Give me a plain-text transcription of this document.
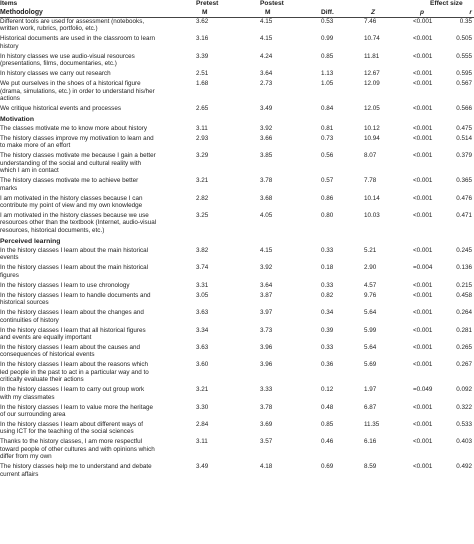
Items
Methodology
Pretest	Postest	Effect size
M	M	Diff.	Z	p	r
Different tools are used for assessment (notebooks, written work, rubrics, portfolio, etc.)
3.62	4.15	0.53	7.46	<0.001	0.35
Historical documents are used in the classroom to learn history
3.16	4.15	0.99	10.74	<0.001	0.505
In history classes we use audio-visual resources (presentations, films, documentaries, etc.)
3.39	4.24	0.85	11.81	<0.001	0.555
In history classes we carry out research	2.51	3.64	1.13	12.67	<0.001	0.595
We put ourselves in the shoes of a historical figure (drama, simulations, etc.) in order to understand his/her actions
1.68	2.73	1.05	12.09	<0.001	0.567
We critique historical events and processes	2.65	3.49	0.84	12.05	<0.001	0.566
Motivation
The classes motivate me to know more about history	3.11	3.92	0.81	10.12	<0.001	0.475
The history classes improve my motivation to learn and to make more of an effort
2.93	3.66	0.73	10.94	<0.001	0.514
The history classes motivate me because I gain a better understanding of the social and cultural reality with which I am in contact
3.29	3.85	0.56	8.07	<0.001	0.379
The history classes motivate me to achieve better marks
3.21	3.78	0.57	7.78	<0.001	0.365
I am motivated in the history classes because I can contribute my point of view and my own knowledge
2.82	3.68	0.86	10.14	<0.001	0.476
I am motivated in the history classes because we use resources other than the textbook (Internet, audio-visual resources, historical documents, etc.)
3.25	4.05	0.80	10.03	<0.001	0.471
Perceived learning
In the history classes I learn about the main historical events
3.82	4.15	0.33	5.21	<0.001	0.245
In the history classes I learn about the main historical figures
3.74	3.92	0.18	2.90	=0.004	0.136
In the history classes I learn to use chronology	3.31	3.64	0.33	4.57	<0.001	0.215
In the history classes I learn to handle documents and historical sources
3.05	3.87	0.82	9.76	<0.001	0.458
In the history classes I learn about the changes and continuities of history
3.63	3.97	0.34	5.64	<0.001	0.264
In the history classes I learn that all historical figures and events are equally important
3.34	3.73	0.39	5.99	<0.001	0.281
In the history classes I learn about the causes and consequences of historical events
3.63	3.96	0.33	5.64	<0.001	0.265
In the history classes I learn about the reasons which led people in the past to act in a particular way and to critically evaluate their actions
3.60	3.96	0.36	5.69	<0.001	0.267
In the history classes I learn to carry out group work with my classmates
3.21	3.33	0.12	1.97	=0.049	0.092
In the history classes I learn to value more the heritage of our surrounding area
3.30	3.78	0.48	6.87	<0.001	0.322
In the history classes I learn about different ways of using ICT for the teaching of the social sciences
2.84	3.69	0.85	11.35	<0.001	0.533
Thanks to the history classes, I am more respectful toward people of other cultures and with opinions which differ from my own
3.11	3.57	0.46	6.16	<0.001	0.403
The history classes help me to understand and debate current affairs
3.49	4.18	0.69	8.59	<0.001	0.492
